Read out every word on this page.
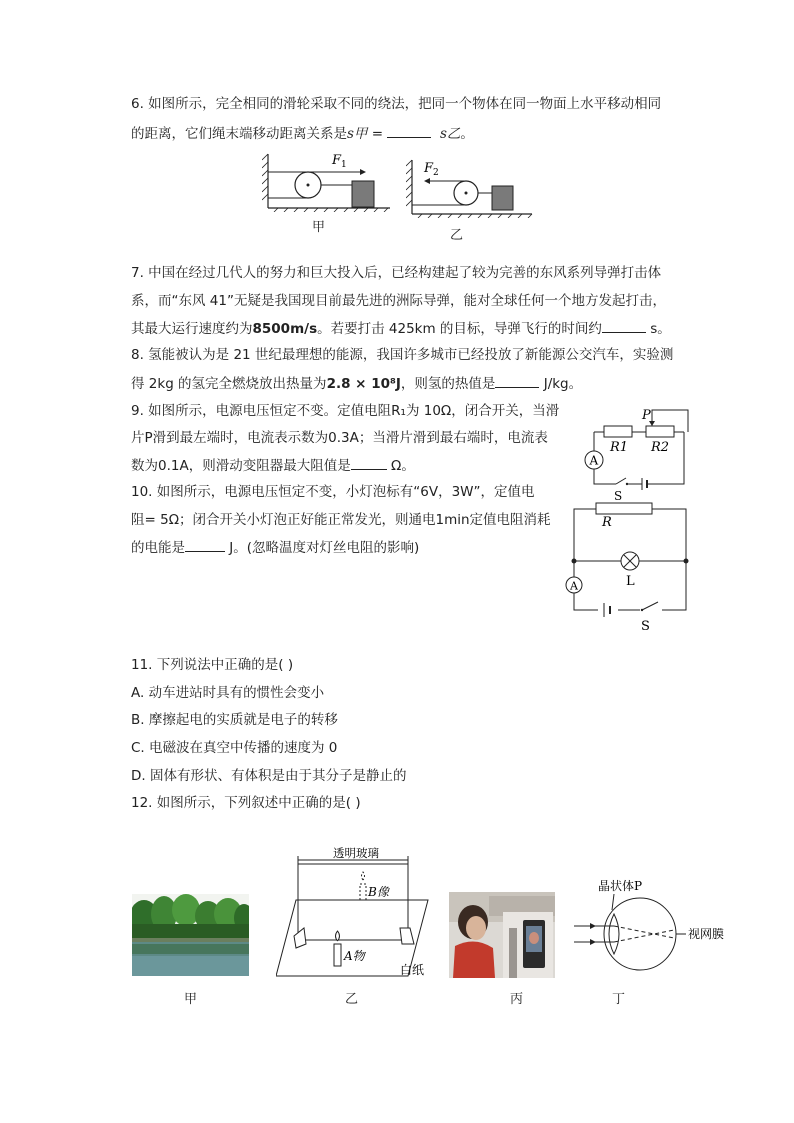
6. 如图所示，完全相同的滑轮采取不同的绕法，把同一个物体在同一物面上水平移动相同
的距离，它们绳末端移动距离关系是s甲 =	s乙。
F 1
甲
F 2
乙
7. 中国在经过几代人的努力和巨大投入后，已经构建起了较为完善的东风系列导弹打击体
系，而“东风 41”无疑是我国现目前最先进的洲际导弹，能对全球任何一个地方发起打击，
其最大运行速度约为8500m/s。若要打击 425km 的目标，导弹飞行的时间约	s。
8. 氢能被认为是 21 世纪最理想的能源，我国许多城市已经投放了新能源公交汽车，实验测
得 2kg 的氢完全燃烧放出热量为2.8 × 10⁸J，则氢的热值是	J/kg。
9. 如图所示，电源电压恒定不变。定值电阻R₁为 10Ω，闭合开关，当滑
片P滑到最左端时，电流表示数为0.3A；当滑片滑到最右端时，电流表
数为0.1A，则滑动变阻器最大阻值是	Ω。	A
P
R1 R2
S
10. 如图所示，电源电压恒定不变，小灯泡标有“6V，3W”，定值电
阻= 5Ω；闭合开关小灯泡正好能正常发光，则通电1min定值电阻消耗
的电能是	J。(忽略温度对灯丝电阻的影响)
A
R
L
S
11. 下列说法中正确的是( )
A. 动车进站时具有的惯性会变小
B. 摩擦起电的实质就是电子的转移
C. 电磁波在真空中传播的速度为 0
D. 固体有形状、有体积是由于其分子是静止的
12. 如图所示，下列叙述中正确的是( )
甲
透明玻璃
B像
A物
白纸
乙	丙
晶状体P
视网膜
丁
